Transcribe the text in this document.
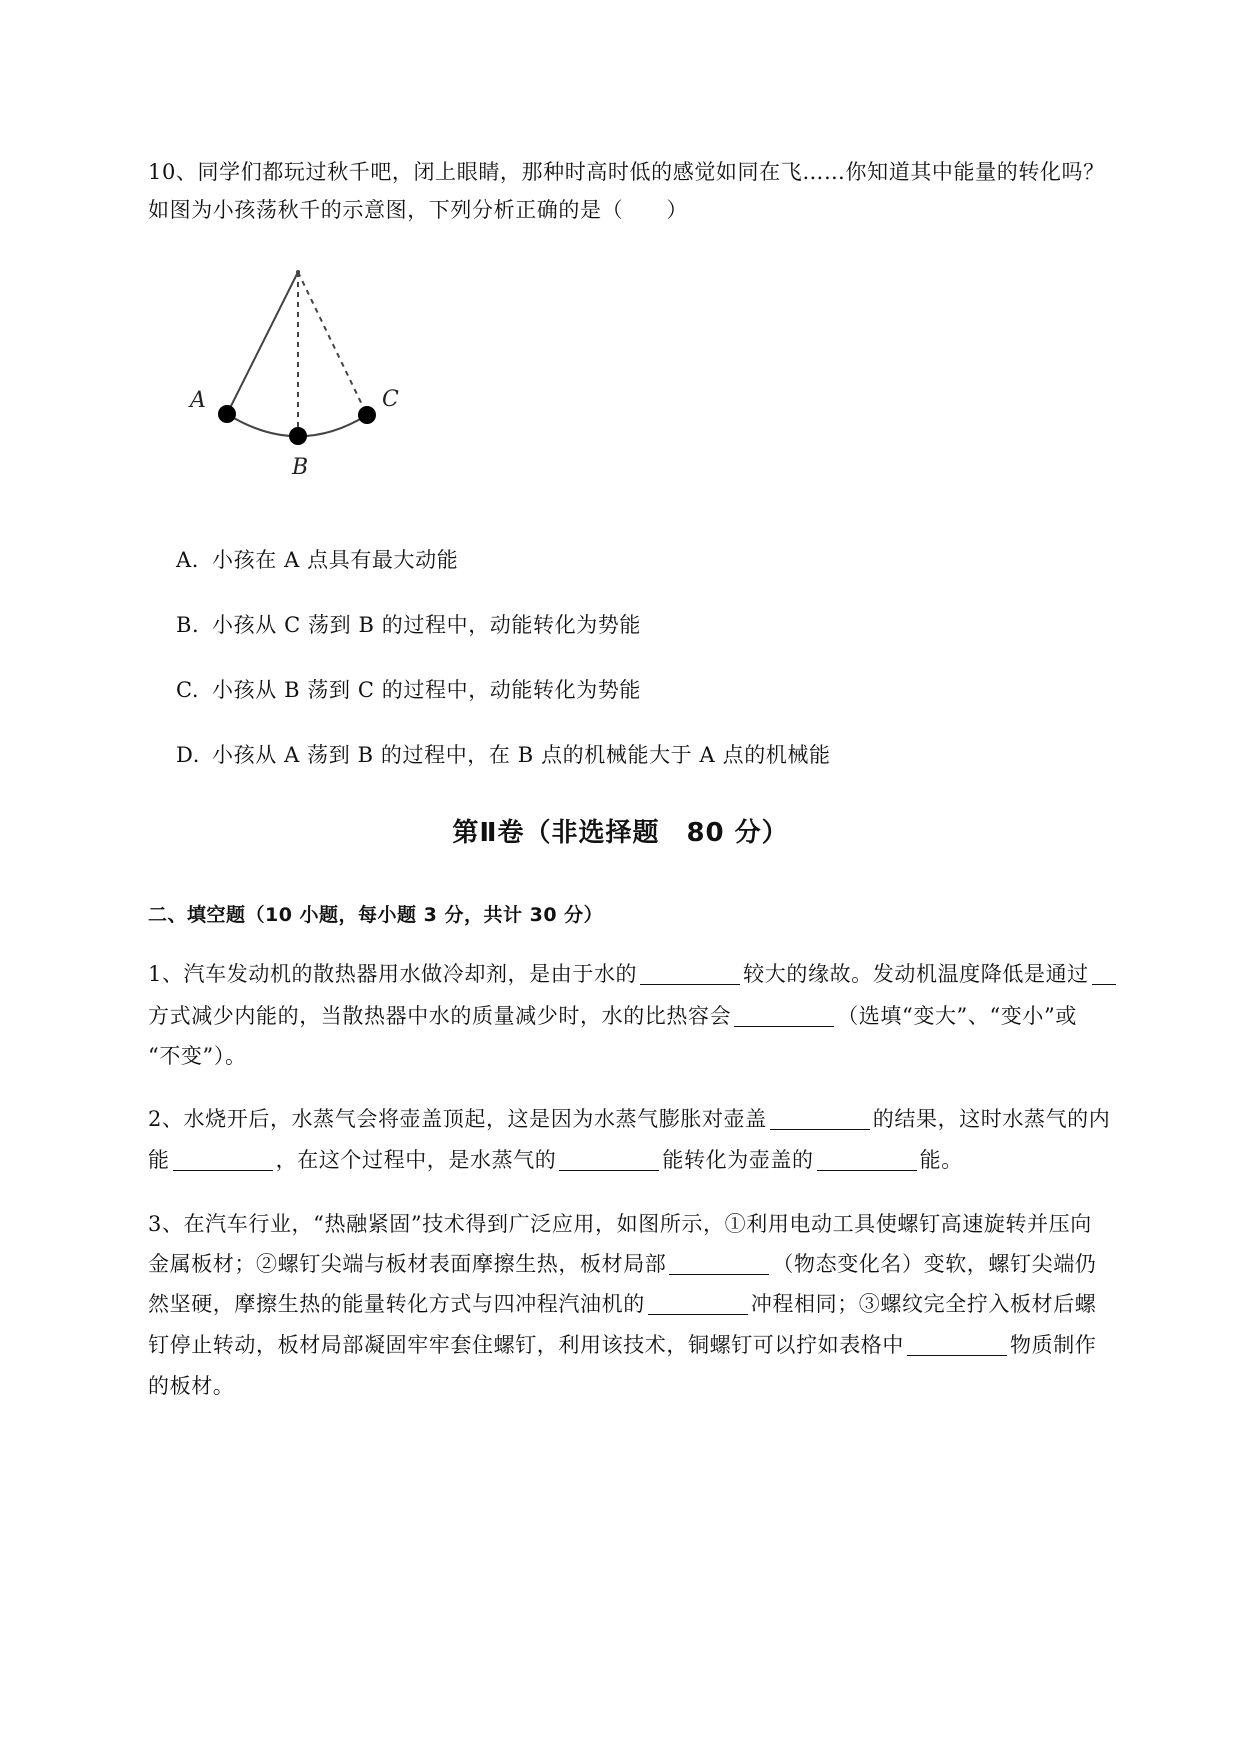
10、同学们都玩过秋千吧，闭上眼睛，那种时高时低的感觉如同在飞……你知道其中能量的转化吗？
如图为小孩荡秋千的示意图，下列分析正确的是（　　）
A
B
C
A. 小孩在 A 点具有最大动能
B. 小孩从 C 荡到 B 的过程中，动能转化为势能
C. 小孩从 B 荡到 C 的过程中，动能转化为势能
D. 小孩从 A 荡到 B 的过程中，在 B 点的机械能大于 A 点的机械能
第Ⅱ卷（非选择题　80 分）
二、填空题（10 小题，每小题 3 分，共计 30 分）
1、汽车发动机的散热器用水做冷却剂，是由于水的	较大的缘故。发动机温度降低是通过
方式减少内能的，当散热器中水的质量减少时，水的比热容会	（选填“变大”、“变小”或
“不变”）。
2、水烧开后，水蒸气会将壶盖顶起，这是因为水蒸气膨胀对壶盖	的结果，这时水蒸气的内
能	，在这个过程中，是水蒸气的	能转化为壶盖的	能。
3、在汽车行业，“热融紧固”技术得到广泛应用，如图所示，①利用电动工具使螺钉高速旋转并压向
金属板材；②螺钉尖端与板材表面摩擦生热，板材局部	（物态变化名）变软，螺钉尖端仍
然坚硬，摩擦生热的能量转化方式与四冲程汽油机的	冲程相同；③螺纹完全拧入板材后螺
钉停止转动，板材局部凝固牢牢套住螺钉，利用该技术，铜螺钉可以拧如表格中	物质制作
的板材。
